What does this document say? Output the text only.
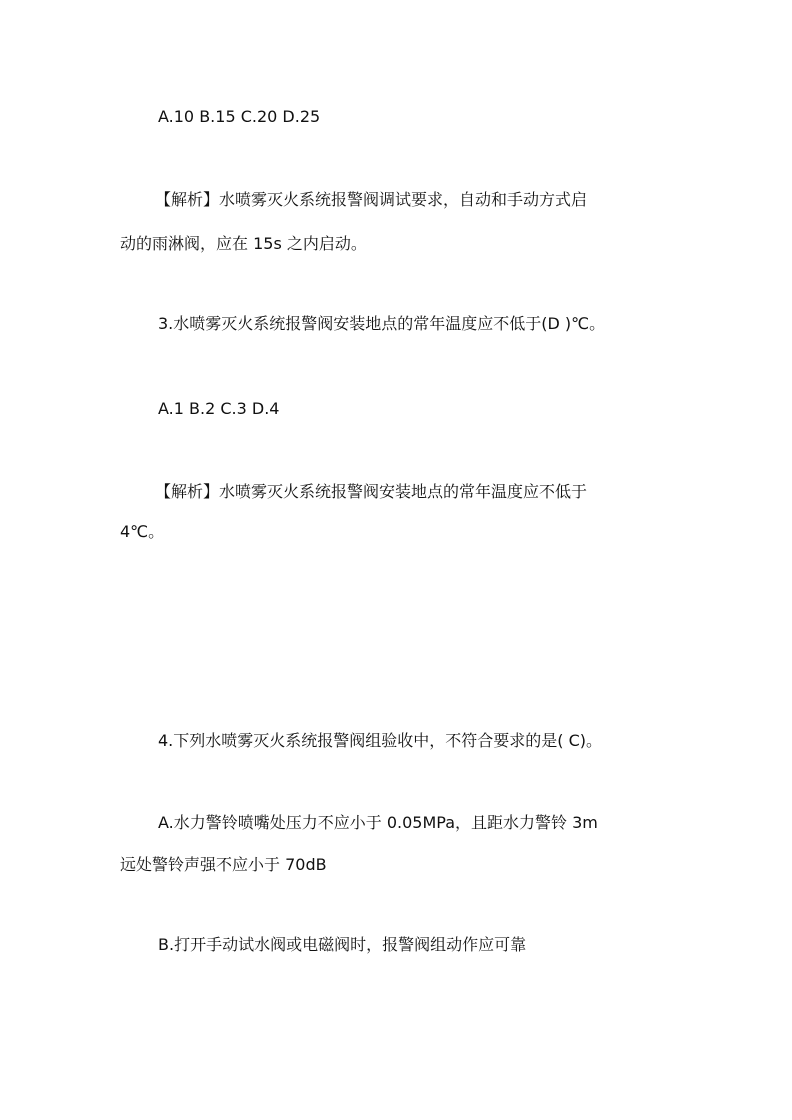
A.10 B.15 C.20 D.25
【解析】水喷雾灭火系统报警阀调试要求，自动和手动方式启
动的雨淋阀，应在 15s 之内启动。
3.水喷雾灭火系统报警阀安装地点的常年温度应不低于(D )℃。
A.1 B.2 C.3 D.4
【解析】水喷雾灭火系统报警阀安装地点的常年温度应不低于
4℃。
4.下列水喷雾灭火系统报警阀组验收中，不符合要求的是( C)。
A.水力警铃喷嘴处压力不应小于 0.05MPa，且距水力警铃 3m
远处警铃声强不应小于 70dB
B.打开手动试水阀或电磁阀时，报警阀组动作应可靠
